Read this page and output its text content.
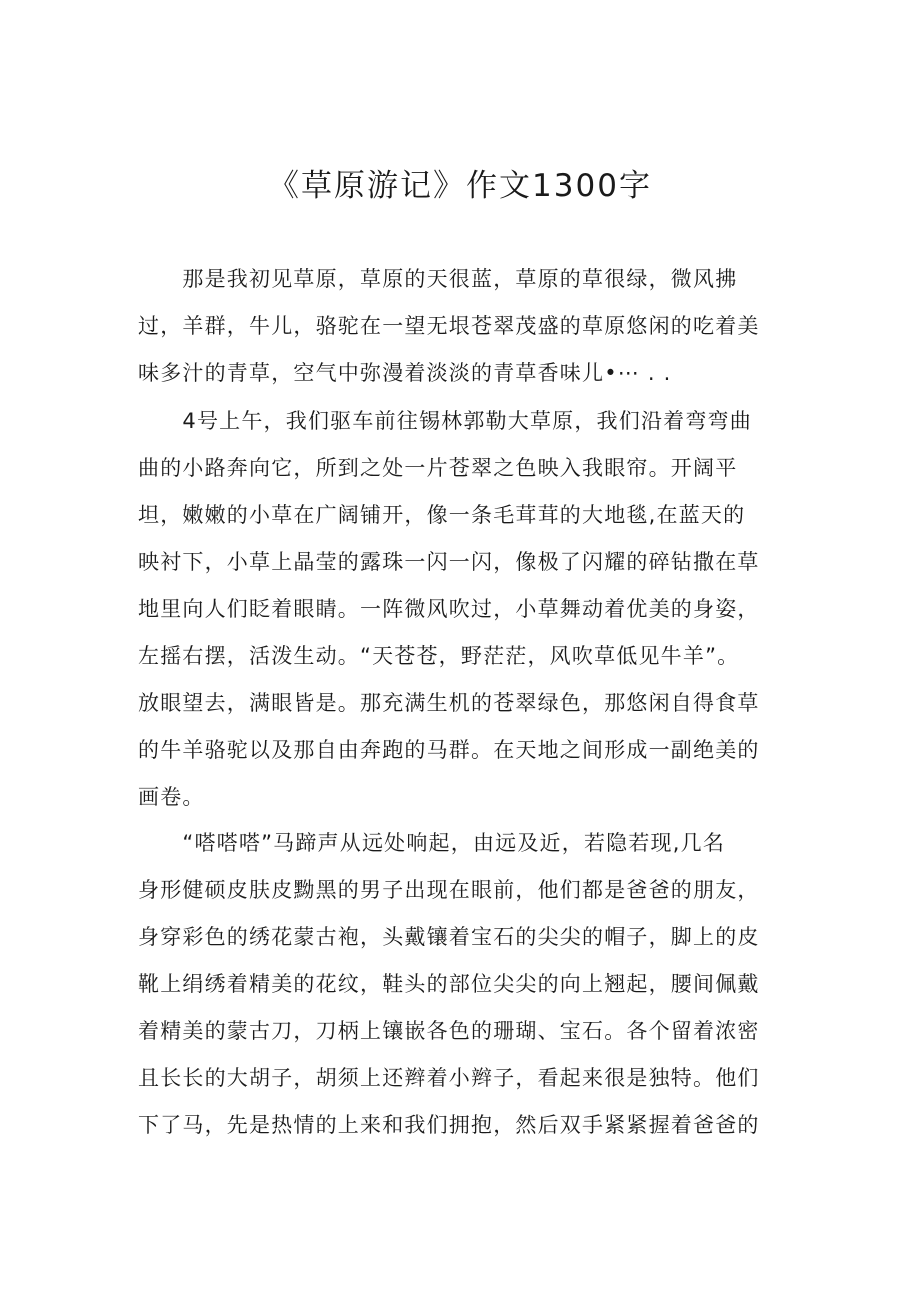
《草原游记》作文1300字
　　那是我初见草原，草原的天很蓝，草原的草很绿，微风拂
过，羊群，牛儿，骆驼在一望无垠苍翠茂盛的草原悠闲的吃着美
味多汁的青草，空气中弥漫着淡淡的青草香味儿•⋯ . .
　　4号上午，我们驱车前往锡林郭勒大草原，我们沿着弯弯曲
曲的小路奔向它，所到之处一片苍翠之色映入我眼帘。开阔平
坦，嫩嫩的小草在广阔铺开，像一条毛茸茸的大地毯,在蓝天的
映衬下，小草上晶莹的露珠一闪一闪，像极了闪耀的碎钻撒在草
地里向人们眨着眼睛。一阵微风吹过，小草舞动着优美的身姿，
左摇右摆，活泼生动。“天苍苍，野茫茫，风吹草低见牛羊”。
放眼望去，满眼皆是。那充满生机的苍翠绿色，那悠闲自得食草
的牛羊骆驼以及那自由奔跑的马群。在天地之间形成一副绝美的
画卷。
　　“嗒嗒嗒”马蹄声从远处响起，由远及近，若隐若现,几名
身形健硕皮肤皮黝黑的男子出现在眼前，他们都是爸爸的朋友，
身穿彩色的绣花蒙古袍，头戴镶着宝石的尖尖的帽子，脚上的皮
靴上绢绣着精美的花纹，鞋头的部位尖尖的向上翘起，腰间佩戴
着精美的蒙古刀，刀柄上镶嵌各色的珊瑚、宝石。各个留着浓密
且长长的大胡子，胡须上还辫着小辫子，看起来很是独特。他们
下了马，先是热情的上来和我们拥抱，然后双手紧紧握着爸爸的
